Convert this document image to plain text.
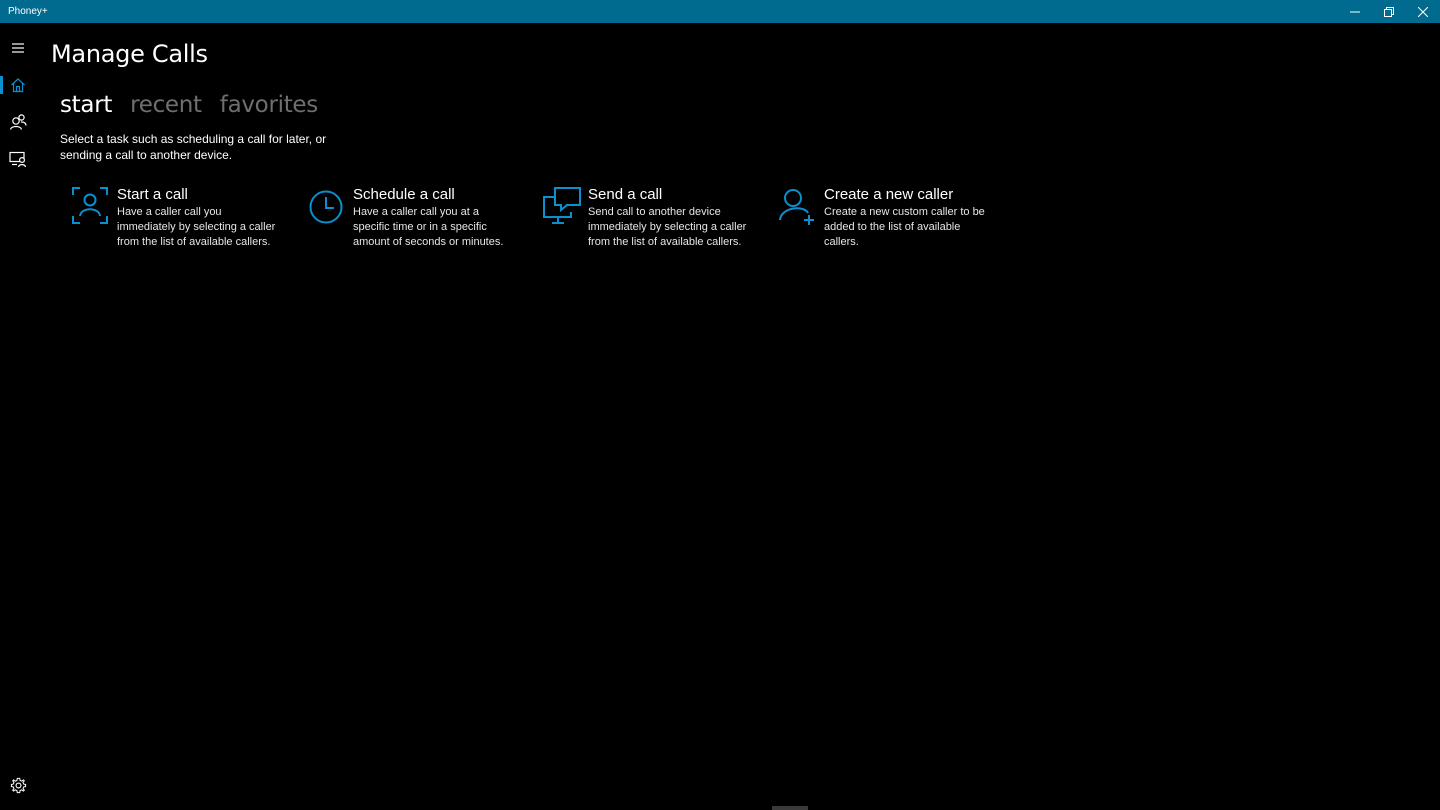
Phoney+
Manage Calls
start recent favorites

Select a task such as scheduling a call for later, or sending a call to another device.

Start a call
Have a caller call you immediately by selecting a caller from the list of available callers.
Schedule a call
Have a caller call you at a specific time or in a specific amount of seconds or minutes.
Send a call
Send call to another device immediately by selecting a caller from the list of available callers.
Create a new caller
Create a new custom caller to be added to the list of available callers.
